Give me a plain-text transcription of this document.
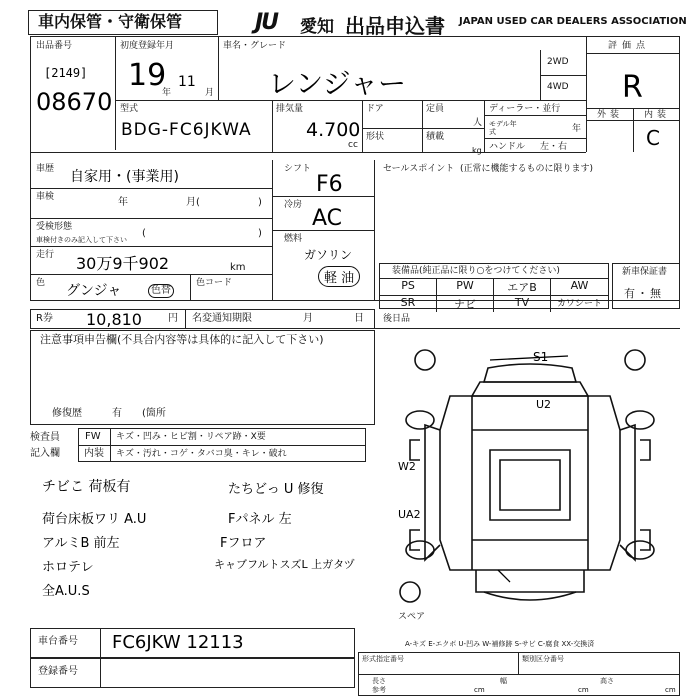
車内保管・守衛保管	JU	愛知 出品申込書 JAPAN USED CAR DEALERS ASSOCIATION
出品番号
[2149]
08670
初度登録年月
19
年
11
月
車名・グレード
レンジャー
2WD
4WD
評価点
R
外装 内装
C
型式
BDG-FC6JKWA
排気量
4.700
cc
ドア
形状
定員
人
積載
kg
ディーラー・並行
モデル年式	年
ハンドル 左・右
車歴 自家用・(事業用)
車検	年	月(	)
受検形態
車検付きのみ記入して下さい
(	)
走行 30万9千902	km
色 グンジャ	色替
色コード
シフト
F6
冷房
AC
燃料
ガソリン
軽 油
セールスポイント (正常に機能するものに限ります)
装備品(純正品に限り○をつけてください)
PS	PW	エアB	AW
SR	ナビ	TV	カワシート
新車保証書
有・無
R券 10,810	円 名変通知期限	月	日 後日品
注意事項申告欄(不具合内容等は具体的に記入して下さい)
修復歴	有 (箇所
検査員
記入欄
FW キズ・凹み・ヒビ割・リペア跡・X要
内装 キズ・汚れ・コゲ・タバコ臭・キレ・破れ
チビこ 荷板有
荷台床板ワリ A.U
アルミB 前左
ホロテレ
全A.U.S
たちどっ U 修復
Fパネル 左
Fフロア
キャブフルトスズL 上ガタヅ
S1
U2
W2
UA2
スペア
車台番号 FC6JKW 12113
登録番号
A-キズ E-エクボ U-凹み W-補修跡 S-サビ C-腐食 XX-交換済
形式指定番号	類別区分番号
長さ
参考	cm
幅
cm
高さ
cm
